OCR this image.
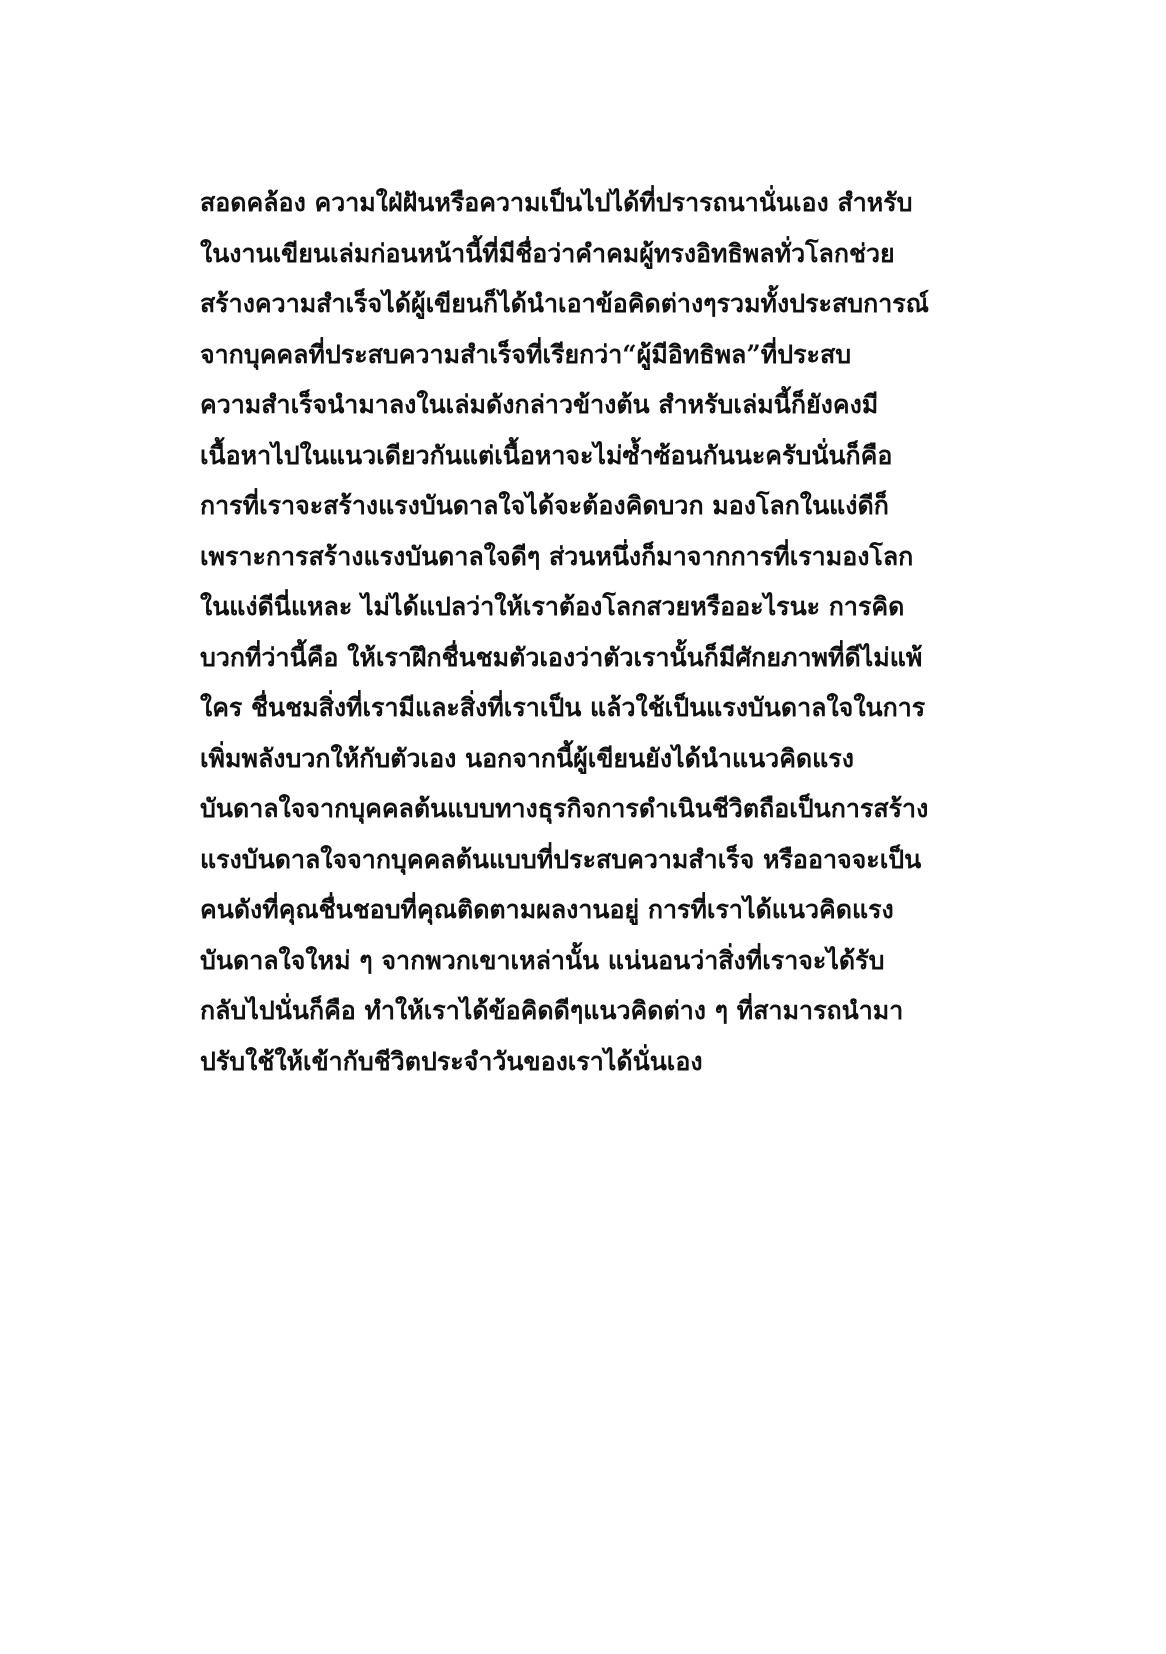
สอดคล้อง ความใฝ่ฝันหรือความเป็นไปได้ที่ปรารถนานั่นเอง สำหรับ
ในงานเขียนเล่มก่อนหน้านี้ที่มีชื่อว่าคำคมผู้ทรงอิทธิพลทั่วโลกช่วย
สร้างความสำเร็จได้ผู้เขียนก็ได้นำเอาข้อคิดต่างๆรวมทั้งประสบการณ์
จากบุคคลที่ประสบความสำเร็จที่เรียกว่า“ผู้มีอิทธิพล”ที่ประสบ
ความสำเร็จนำมาลงในเล่มดังกล่าวข้างต้น สำหรับเล่มนี้ก็ยังคงมี
เนื้อหาไปในแนวเดียวกันแต่เนื้อหาจะไม่ซ้ำซ้อนกันนะครับนั่นก็คือ
การที่เราจะสร้างแรงบันดาลใจได้จะต้องคิดบวก มองโลกในแง่ดีก็
เพราะการสร้างแรงบันดาลใจดีๆ ส่วนหนึ่งก็มาจากการที่เรามองโลก
ในแง่ดีนี่แหละ ไม่ได้แปลว่าให้เราต้องโลกสวยหรืออะไรนะ การคิด
บวกที่ว่านี้คือ ให้เราฝึกชื่นชมตัวเองว่าตัวเรานั้นก็มีศักยภาพที่ดีไม่แพ้
ใคร ชื่นชมสิ่งที่เรามีและสิ่งที่เราเป็น แล้วใช้เป็นแรงบันดาลใจในการ
เพิ่มพลังบวกให้กับตัวเอง นอกจากนี้ผู้เขียนยังได้นำแนวคิดแรง
บันดาลใจจากบุคคลต้นแบบทางธุรกิจการดำเนินชีวิตถือเป็นการสร้าง
แรงบันดาลใจจากบุคคลต้นแบบที่ประสบความสำเร็จ หรืออาจจะเป็น
คนดังที่คุณชื่นชอบที่คุณติดตามผลงานอยู่ การที่เราได้แนวคิดแรง
บันดาลใจใหม่ ๆ จากพวกเขาเหล่านั้น แน่นอนว่าสิ่งที่เราจะได้รับ
กลับไปนั่นก็คือ ทำให้เราได้ข้อคิดดีๆแนวคิดต่าง ๆ ที่สามารถนำมา
ปรับใช้ให้เข้ากับชีวิตประจำวันของเราได้นั่นเอง
